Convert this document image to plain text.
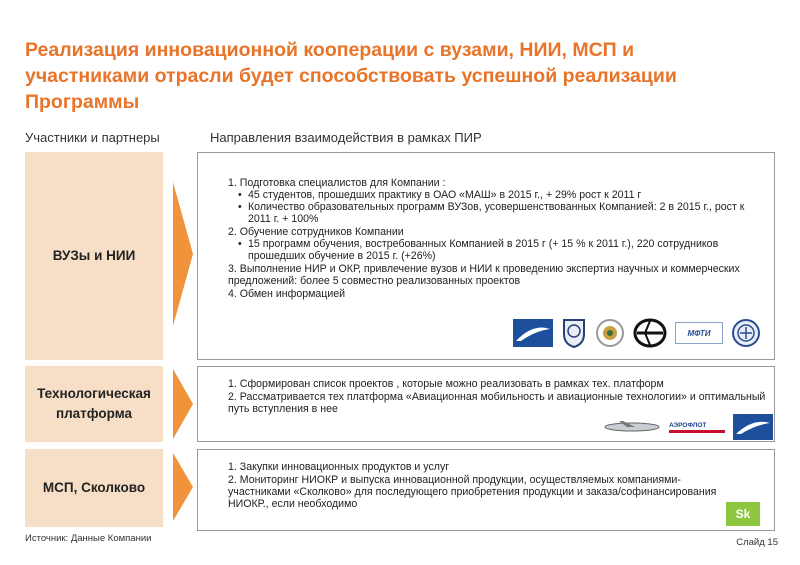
Реализация инновационной кооперации с вузами, НИИ, МСП и участниками отрасли будет способствовать успешной реализации Программы
Участники и партнеры	Направления взаимодействия в рамках ПИР
ВУЗы и НИИ
1. Подготовка специалистов для Компании :
• 45 студентов, прошедших практику в ОАО «МАШ» в 2015 г., + 29% рост к 2011 г
• Количество образовательных программ ВУЗов, усовершенствованных Компанией: 2 в 2015 г., рост к 2011 г. + 100%
2. Обучение сотрудников Компании
• 15 программ обучения, востребованных Компанией в 2015 г (+ 15 % к 2011 г.), 220 сотрудников прошедших обучение в 2015 г. (+26%)
3. Выполнение НИР и ОКР, привлечение вузов и НИИ к проведению экспертиз научных и коммерческих предложений: более 5 совместно реализованных проектов
4. Обмен информацией
МФТИ
Технологическая платформа
1. Сформирован список проектов , которые можно реализовать в рамках тех. платформ
2. Рассматривается тех платформа «Авиационная мобильность и авиационные технологии» и оптимальный путь вступления в нее
АЭРОФЛОТ
МСП, Сколково
1. Закупки инновационных продуктов и услуг
2. Мониторинг НИОКР и выпуска инновационной продукции, осуществляемых компаниями-участниками «Сколково» для последующего приобретения продукции и заказа/софинансирования НИОКР., если необходимо
Sk
Источник: Данные Компании	Слайд 15
